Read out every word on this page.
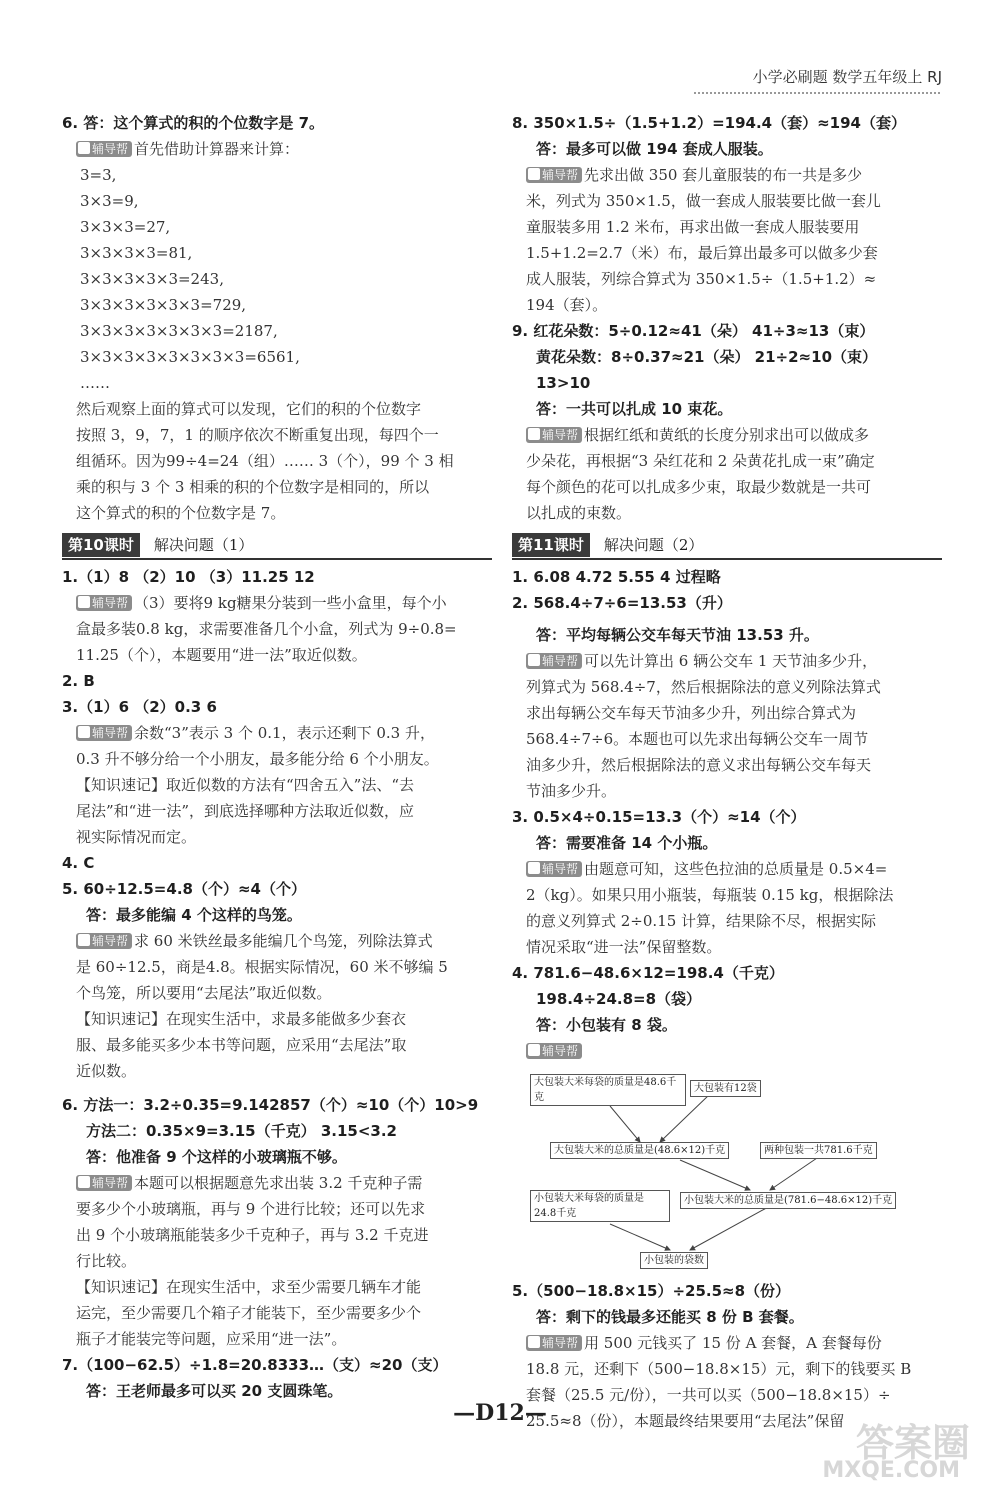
小学必刷题 数学五年级上 RJ

6. 答：这个算式的积的个位数字是 7。

辅导帮 首先借助计算器来计算：

3=3,

3×3=9,

3×3×3=27,

3×3×3×3=81,

3×3×3×3×3=243,

3×3×3×3×3×3=729,

3×3×3×3×3×3×3=2187,

3×3×3×3×3×3×3×3=6561,

……

然后观察上面的算式可以发现，它们的积的个位数字

按照 3，9，7，1 的顺序依次不断重复出现，每四个一

组循环。因为99÷4=24（组）…… 3（个），99 个 3 相

乘的积与 3 个 3 相乘的积的个位数字是相同的，所以

这个算式的积的个位数字是 7。

第10课时	解决问题（1）

1.（1）8 （2）10 （3）11.25 12

辅导帮 （3）要将9 kg糖果分装到一些小盒里，每个小

盒最多装0.8 kg，求需要准备几个小盒，列式为 9÷0.8=

11.25（个），本题要用“进一法”取近似数。

2. B

3.（1）6 （2）0.3 6

辅导帮 余数“3”表示 3 个 0.1，表示还剩下 0.3 升，

0.3 升不够分给一个小朋友，最多能分给 6 个小朋友。

【知识速记】取近似数的方法有“四舍五入”法、“去

尾法”和“进一法”，到底选择哪种方法取近似数，应

视实际情况而定。

4. C

5. 60÷12.5=4.8（个）≈4（个）

答：最多能编 4 个这样的鸟笼。

辅导帮 求 60 米铁丝最多能编几个鸟笼，列除法算式

是 60÷12.5，商是4.8。根据实际情况，60 米不够编 5

个鸟笼，所以要用“去尾法”取近似数。

【知识速记】在现实生活中，求最多能做多少套衣

服、最多能买多少本书等问题，应采用“去尾法”取

近似数。

6. 方法一：3.2÷0.35=9.142857（个）≈10（个）10>9

方法二：0.35×9=3.15（千克） 3.15<3.2

答：他准备 9 个这样的小玻璃瓶不够。

辅导帮 本题可以根据题意先求出装 3.2 千克种子需

要多少个小玻璃瓶，再与 9 个进行比较；还可以先求

出 9 个小玻璃瓶能装多少千克种子，再与 3.2 千克进

行比较。

【知识速记】在现实生活中，求至少需要几辆车才能

运完，至少需要几个箱子才能装下，至少需要多少个

瓶子才能装完等问题，应采用“进一法”。

7.（100−62.5）÷1.8=20.8333…（支）≈20（支）

答：王老师最多可以买 20 支圆珠笔。

8. 350×1.5÷（1.5+1.2）=194.4（套）≈194（套）

答：最多可以做 194 套成人服装。

辅导帮 先求出做 350 套儿童服装的布一共是多少

米，列式为 350×1.5，做一套成人服装要比做一套儿

童服装多用 1.2 米布，再求出做一套成人服装要用

1.5+1.2=2.7（米）布，最后算出最多可以做多少套

成人服装，列综合算式为 350×1.5÷（1.5+1.2）≈

194（套）。

9. 红花朵数：5÷0.12≈41（朵） 41÷3≈13（束）

黄花朵数：8÷0.37≈21（朵） 21÷2≈10（束）

13>10

答：一共可以扎成 10 束花。

辅导帮 根据红纸和黄纸的长度分别求出可以做成多

少朵花，再根据“3 朵红花和 2 朵黄花扎成一束”确定

每个颜色的花可以扎成多少束，取最少数就是一共可

以扎成的束数。

第11课时	解决问题（2）

1. 6.08 4.72 5.55 4 过程略

2. 568.4÷7÷6=13.53（升）

答：平均每辆公交车每天节油 13.53 升。

辅导帮 可以先计算出 6 辆公交车 1 天节油多少升，

列算式为 568.4÷7，然后根据除法的意义列除法算式

求出每辆公交车每天节油多少升，列出综合算式为

568.4÷7÷6。本题也可以先求出每辆公交车一周节

油多少升，然后根据除法的意义求出每辆公交车每天

节油多少升。

3. 0.5×4÷0.15=13.3（个）≈14（个）

答：需要准备 14 个小瓶。

辅导帮 由题意可知，这些色拉油的总质量是 0.5×4=

2（kg）。如果只用小瓶装，每瓶装 0.15 kg，根据除法

的意义列算式 2÷0.15 计算，结果除不尽，根据实际

情况采取“进一法”保留整数。

4. 781.6−48.6×12=198.4（千克）

198.4÷24.8=8（袋）

答：小包装有 8 袋。

辅导帮

大包装大米每袋的质量是48.6千克
大包装有12袋
大包装大米的总质量是(48.6×12)千克	两种包装一共781.6千克
小包装大米每袋的质量是24.8千克
小包装大米的总质量是(781.6−48.6×12)千克
小包装的袋数

5.（500−18.8×15）÷25.5≈8（份）

答：剩下的钱最多还能买 8 份 B 套餐。

辅导帮 用 500 元钱买了 15 份 A 套餐，A 套餐每份

18.8 元，还剩下（500−18.8×15）元，剩下的钱要买 B

套餐（25.5 元/份），一共可以买（500−18.8×15）÷

25.5≈8（份），本题最终结果要用“去尾法”保留

—D12—
答案圈
MXQE.COM
